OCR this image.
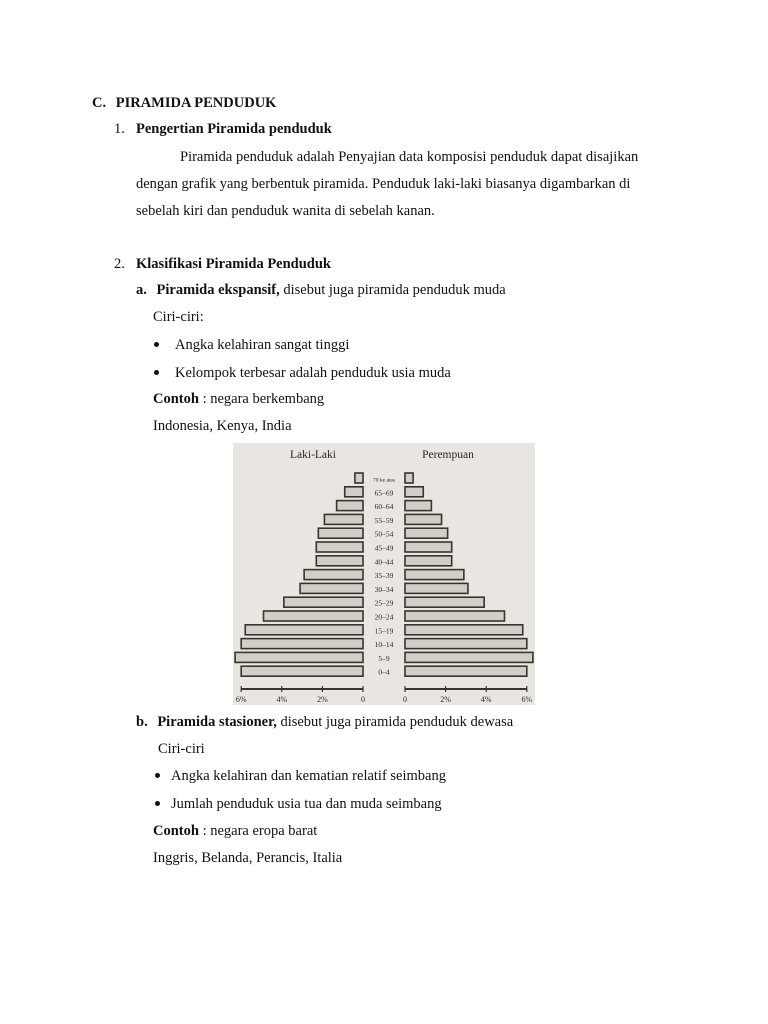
C. PIRAMIDA PENDUDUK
1. Pengertian Piramida penduduk
Piramida penduduk adalah Penyajian data komposisi penduduk dapat disajikan
dengan grafik yang berbentuk piramida. Penduduk laki-laki biasanya digambarkan di
sebelah kiri dan penduduk wanita di sebelah kanan.
2. Klasifikasi Piramida Penduduk
a. Piramida ekspansif, disebut juga piramida penduduk muda
Ciri-ciri:
Angka kelahiran sangat tinggi
Kelompok terbesar adalah penduduk usia muda
Contoh : negara berkembang
Indonesia, Kenya, India
Laki-Laki	Perempuan
70 ke atas
65–69
60–64
55–59
50–54
45–49
40–44
35–39
30–34
25–29
20–24
15–19
10–14
5–9
0–4
6%	4%	2%	0	0	2%	4%	6%
b. Piramida stasioner, disebut juga piramida penduduk dewasa
Ciri-ciri
Angka kelahiran dan kematian relatif seimbang
Jumlah penduduk usia tua dan muda seimbang
Contoh : negara eropa barat
Inggris, Belanda, Perancis, Italia
